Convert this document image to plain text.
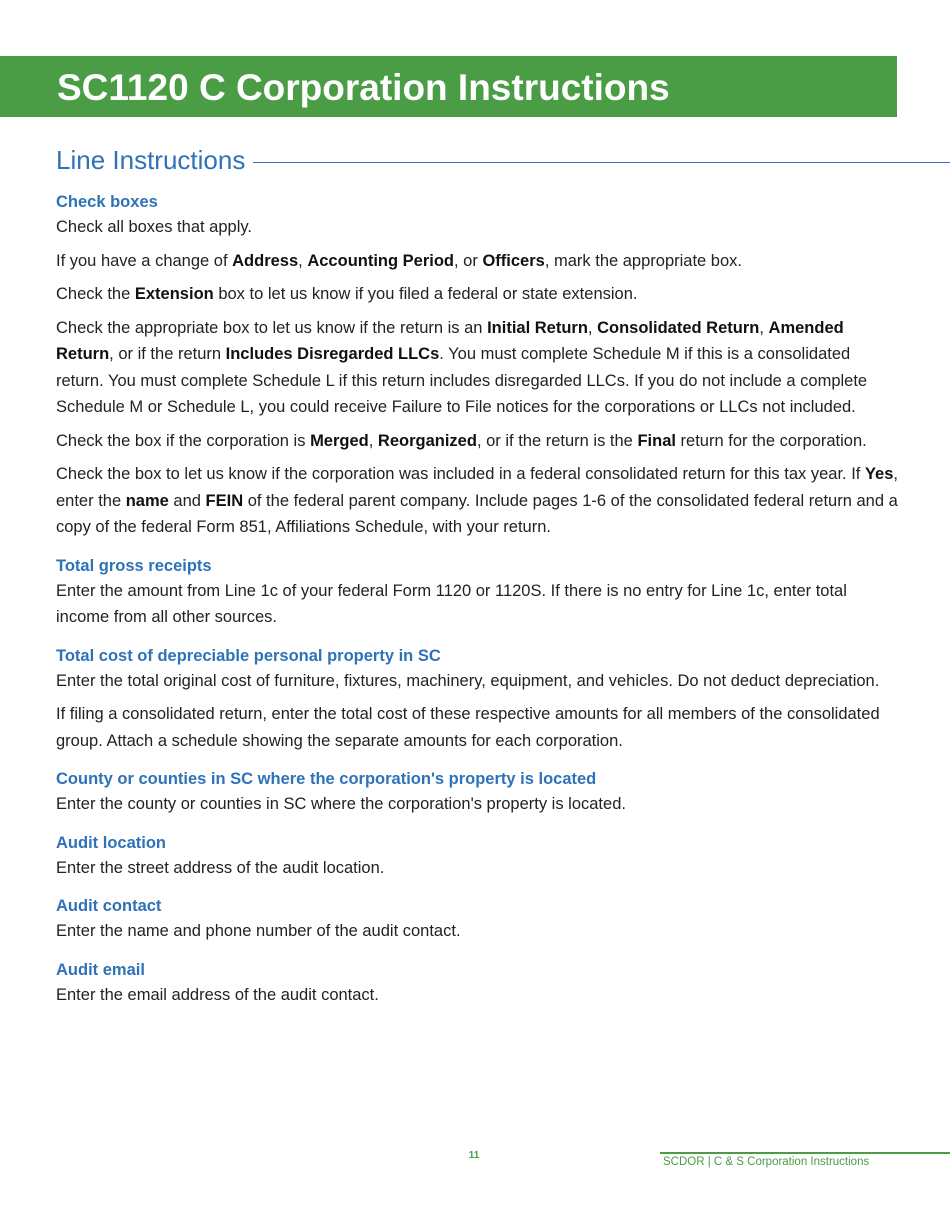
SC1120 C Corporation Instructions
Line Instructions
Check boxes

Check all boxes that apply.

If you have a change of Address, Accounting Period, or Officers, mark the appropriate box.

Check the Extension box to let us know if you filed a federal or state extension.

Check the appropriate box to let us know if the return is an Initial Return, Consolidated Return, Amended Return, or if the return Includes Disregarded LLCs. You must complete Schedule M if this is a consolidated return. You must complete Schedule L if this return includes disregarded LLCs. If you do not include a complete Schedule M or Schedule L, you could receive Failure to File notices for the corporations or LLCs not included.

Check the box if the corporation is Merged, Reorganized, or if the return is the Final return for the corporation.

Check the box to let us know if the corporation was included in a federal consolidated return for this tax year. If Yes, enter the name and FEIN of the federal parent company. Include pages 1-6 of the consolidated federal return and a copy of the federal Form 851, Affiliations Schedule, with your return.

Total gross receipts

Enter the amount from Line 1c of your federal Form 1120 or 1120S. If there is no entry for Line 1c, enter total income from all other sources.

Total cost of depreciable personal property in SC

Enter the total original cost of furniture, fixtures, machinery, equipment, and vehicles. Do not deduct depreciation.

If filing a consolidated return, enter the total cost of these respective amounts for all members of the consolidated group. Attach a schedule showing the separate amounts for each corporation.

County or counties in SC where the corporation's property is located

Enter the county or counties in SC where the corporation's property is located.

Audit location

Enter the street address of the audit location.

Audit contact

Enter the name and phone number of the audit contact.

Audit email

Enter the email address of the audit contact.

11
SCDOR | C & S Corporation Instructions
